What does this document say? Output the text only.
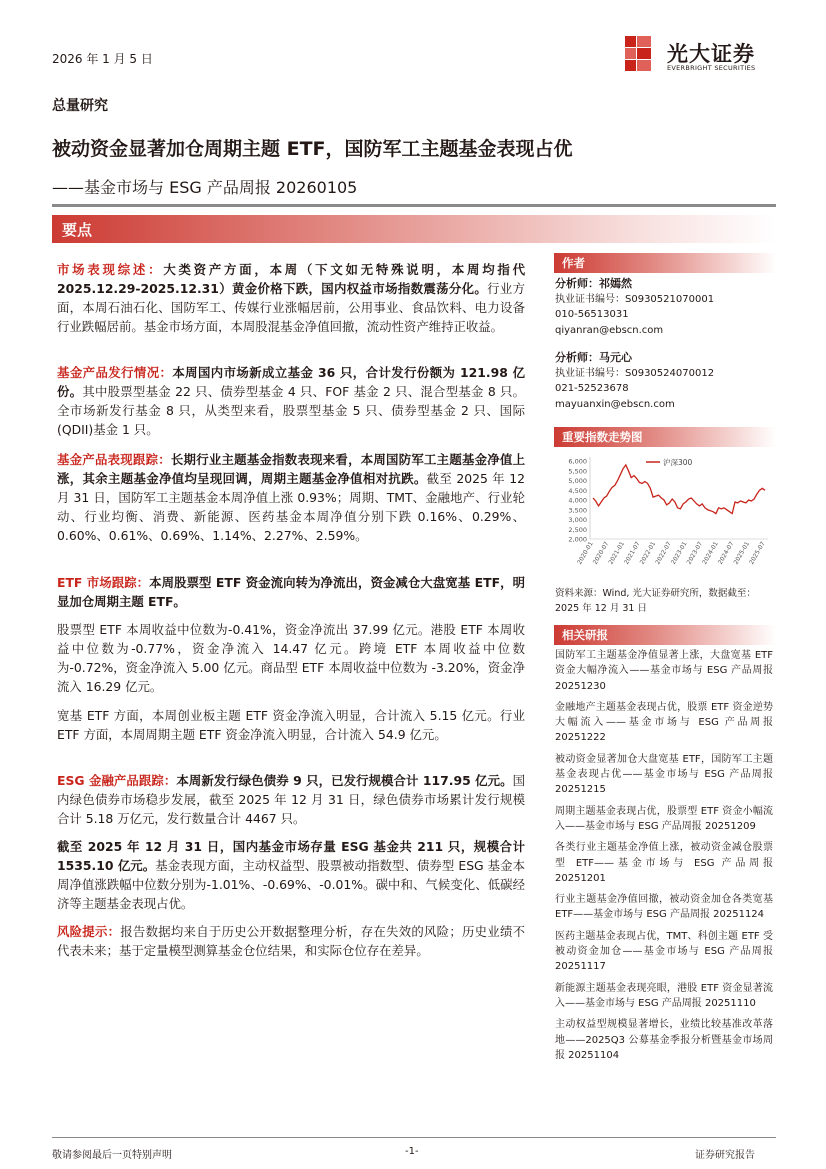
2026 年 1 月 5 日	光大证券
EVERBRIGHT SECURITIES
总量研究
被动资金显著加仓周期主题 ETF，国防军工主题基金表现占优
——基金市场与 ESG 产品周报 20260105
要点
市场表现综述：大类资产方面，本周（下文如无特殊说明，本周均指代 2025.12.29-2025.12.31）黄金价格下跌，国内权益市场指数震荡分化。行业方面，本周石油石化、国防军工、传媒行业涨幅居前，公用事业、食品饮料、电力设备行业跌幅居前。基金市场方面，本周股混基金净值回撤，流动性资产维持正收益。
基金产品发行情况：本周国内市场新成立基金 36 只，合计发行份额为 121.98 亿份。其中股票型基金 22 只、债券型基金 4 只、FOF 基金 2 只、混合型基金 8 只。全市场新发行基金 8 只，从类型来看，股票型基金 5 只、债券型基金 2 只、国际(QDII)基金 1 只。
基金产品表现跟踪：长期行业主题基金指数表现来看，本周国防军工主题基金净值上涨，其余主题基金净值均呈现回调，周期主题基金净值相对抗跌。截至 2025 年 12 月 31 日，国防军工主题基金本周净值上涨 0.93%；周期、TMT、金融地产、行业轮动、行业均衡、消费、新能源、医药基金本周净值分别下跌 0.16%、0.29%、0.60%、0.61%、0.69%、1.14%、2.27%、2.59%。
ETF 市场跟踪：本周股票型 ETF 资金流向转为净流出，资金减仓大盘宽基 ETF，明显加仓周期主题 ETF。
股票型 ETF 本周收益中位数为-0.41%，资金净流出 37.99 亿元。港股 ETF 本周收益中位数为-0.77%，资金净流入 14.47 亿元。跨境 ETF 本周收益中位数为-0.72%，资金净流入 5.00 亿元。商品型 ETF 本周收益中位数为 -3.20%，资金净流入 16.29 亿元。
宽基 ETF 方面，本周创业板主题 ETF 资金净流入明显，合计流入 5.15 亿元。行业 ETF 方面，本周周期主题 ETF 资金净流入明显，合计流入 54.9 亿元。
ESG 金融产品跟踪：本周新发行绿色债券 9 只，已发行规模合计 117.95 亿元。国内绿色债券市场稳步发展，截至 2025 年 12 月 31 日，绿色债券市场累计发行规模合计 5.18 万亿元，发行数量合计 4467 只。
截至 2025 年 12 月 31 日，国内基金市场存量 ESG 基金共 211 只，规模合计 1535.10 亿元。基金表现方面，主动权益型、股票被动指数型、债券型 ESG 基金本周净值涨跌幅中位数分别为-1.01%、-0.69%、-0.01%。碳中和、气候变化、低碳经济等主题基金表现占优。
风险提示：报告数据均来自于历史公开数据整理分析，存在失效的风险；历史业绩不代表未来；基于定量模型测算基金仓位结果，和实际仓位存在差异。
作者
分析师：祁嫣然
执业证书编号：S0930521070001
010-56513031
qiyanran@ebscn.com
分析师：马元心
执业证书编号：S0930524070012
021-52523678
mayuanxin@ebscn.com
重要指数走势图
6,000
5,500
5,000
4,500
4,000
3,500
3,000
2,500
2,000
2020-01
2020-07
2021-01
2021-07
2022-01
2022-07
2023-01
2023-07
2024-01
2024-07
2025-01
2025-07
沪深300
资料来源：Wind, 光大证券研究所，数据截至：2025 年 12 月 31 日
相关研报
国防军工主题基金净值显著上涨，大盘宽基 ETF 资金大幅净流入——基金市场与 ESG 产品周报 20251230
金融地产主题基金表现占优，股票 ETF 资金逆势大幅流入——基金市场与 ESG 产品周报 20251222
被动资金显著加仓大盘宽基 ETF，国防军工主题基金表现占优——基金市场与 ESG 产品周报 20251215
周期主题基金表现占优，股票型 ETF 资金小幅流入——基金市场与 ESG 产品周报 20251209
各类行业主题基金净值上涨，被动资金减仓股票型 ETF——基金市场与 ESG 产品周报 20251201
行业主题基金净值回撤，被动资金加仓各类宽基 ETF——基金市场与 ESG 产品周报 20251124
医药主题基金表现占优，TMT、科创主题 ETF 受被动资金加仓——基金市场与 ESG 产品周报 20251117
新能源主题基金表现亮眼，港股 ETF 资金显著流入——基金市场与 ESG 产品周报 20251110
主动权益型规模显著增长，业绩比较基准改革落地——2025Q3 公募基金季报分析暨基金市场周报 20251104
敬请参阅最后一页特别声明	-1-	证券研究报告
